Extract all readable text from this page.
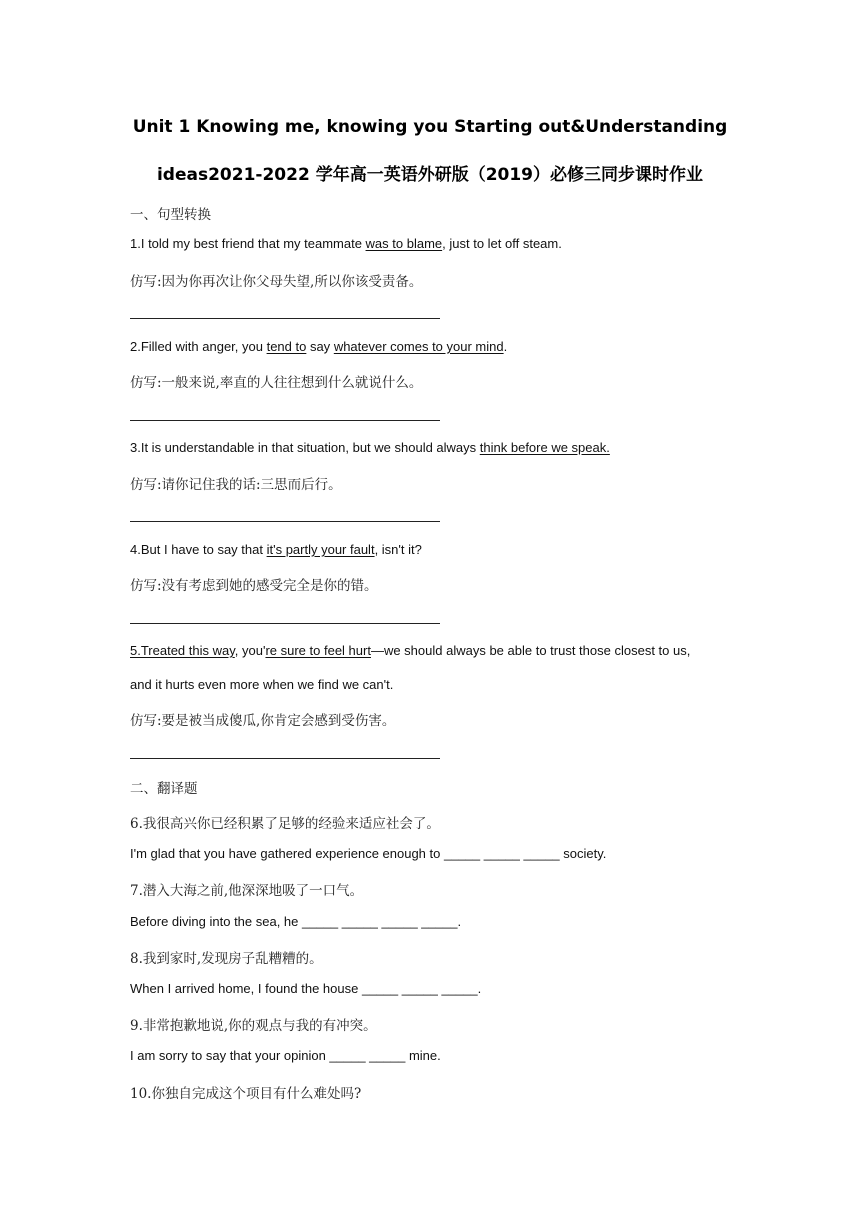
Unit 1 Knowing me, knowing you Starting out&Understanding
ideas2021-2022 学年高一英语外研版（2019）必修三同步课时作业
一、句型转换
1.I told my best friend that my teammate was to blame, just to let off steam.
仿写:因为你再次让你父母失望,所以你该受责备。
2.Filled with anger, you tend to say whatever comes to your mind.
仿写:一般来说,率直的人往往想到什么就说什么。
3.It is understandable in that situation, but we should always think before we speak.
仿写:请你记住我的话:三思而后行。
4.But I have to say that it's partly your fault, isn't it?
仿写:没有考虑到她的感受完全是你的错。
5.Treated this way, you're sure to feel hurt—we should always be able to trust those closest to us,
and it hurts even more when we find we can't.
仿写:要是被当成傻瓜,你肯定会感到受伤害。
二、翻译题
6.我很高兴你已经积累了足够的经验来适应社会了。
I'm glad that you have gathered experience enough to _____ _____ _____ society.
7.潜入大海之前,他深深地吸了一口气。
Before diving into the sea, he _____ _____ _____ _____.
8.我到家时,发现房子乱糟糟的。
When I arrived home, I found the house _____ _____ _____.
9.非常抱歉地说,你的观点与我的有冲突。
I am sorry to say that your opinion _____ _____ mine.
10.你独自完成这个项目有什么难处吗?
